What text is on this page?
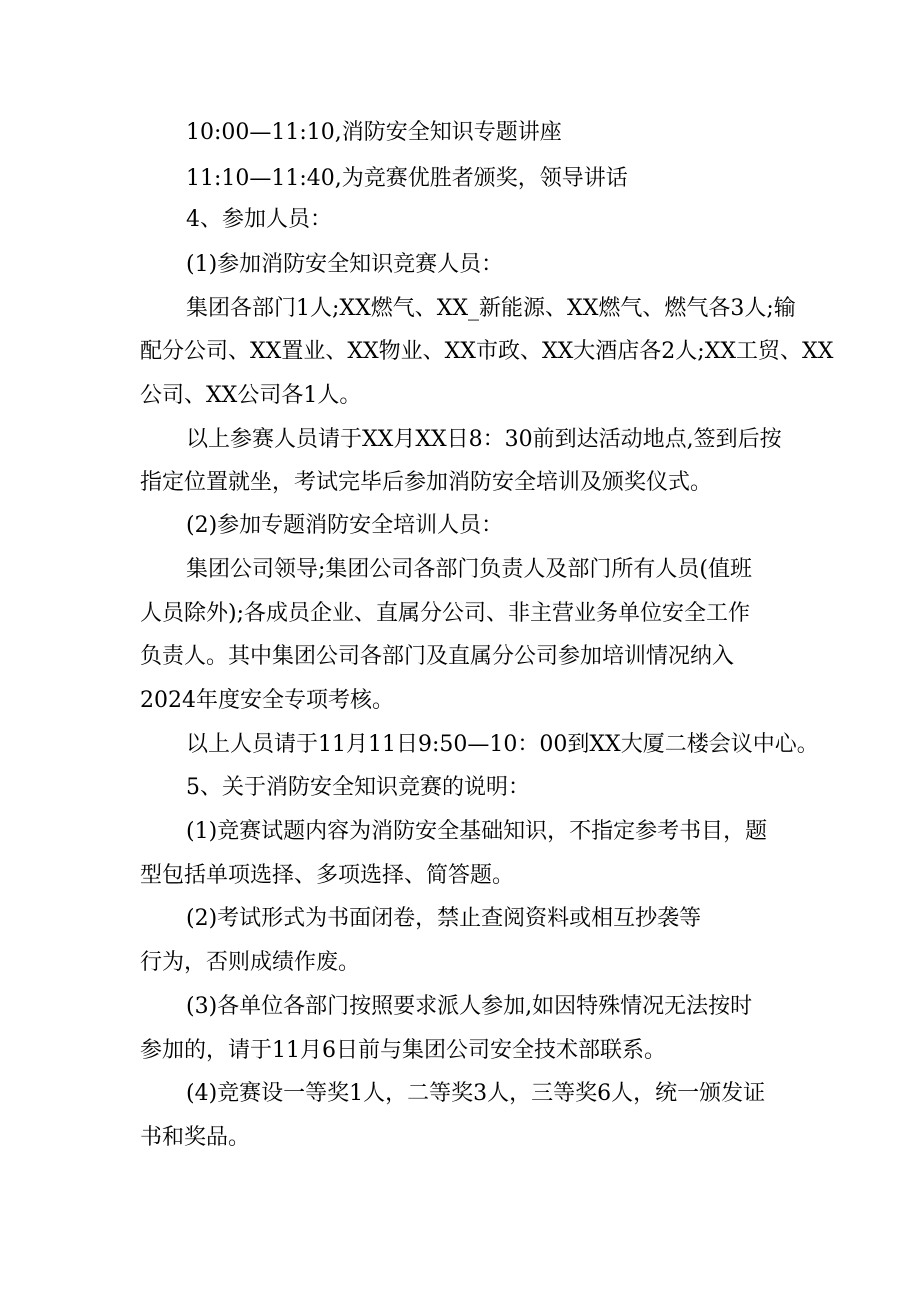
10:00—11:10,消防安全知识专题讲座
11:10—11:40,为竞赛优胜者颁奖，领导讲话
4、参加人员：
(1)参加消防安全知识竞赛人员：
集团各部门1人;XX燃气、XX_新能源、XX燃气、燃气各3人;输
配分公司、XX置业、XX物业、XX市政、XX大酒店各2人;XX工贸、XX
公司、XX公司各1人。
以上参赛人员请于XX月XX日8：30前到达活动地点,签到后按
指定位置就坐，考试完毕后参加消防安全培训及颁奖仪式。
(2)参加专题消防安全培训人员：
集团公司领导;集团公司各部门负责人及部门所有人员(值班
人员除外);各成员企业、直属分公司、非主营业务单位安全工作
负责人。其中集团公司各部门及直属分公司参加培训情况纳入
2024年度安全专项考核。
以上人员请于11月11日9:50—10：00到XX大厦二楼会议中心。
5、关于消防安全知识竞赛的说明：
(1)竞赛试题内容为消防安全基础知识，不指定参考书目，题
型包括单项选择、多项选择、简答题。
(2)考试形式为书面闭卷，禁止查阅资料或相互抄袭等
行为，否则成绩作废。
(3)各单位各部门按照要求派人参加,如因特殊情况无法按时
参加的，请于11月6日前与集团公司安全技术部联系。
(4)竞赛设一等奖1人，二等奖3人，三等奖6人，统一颁发证
书和奖品。
